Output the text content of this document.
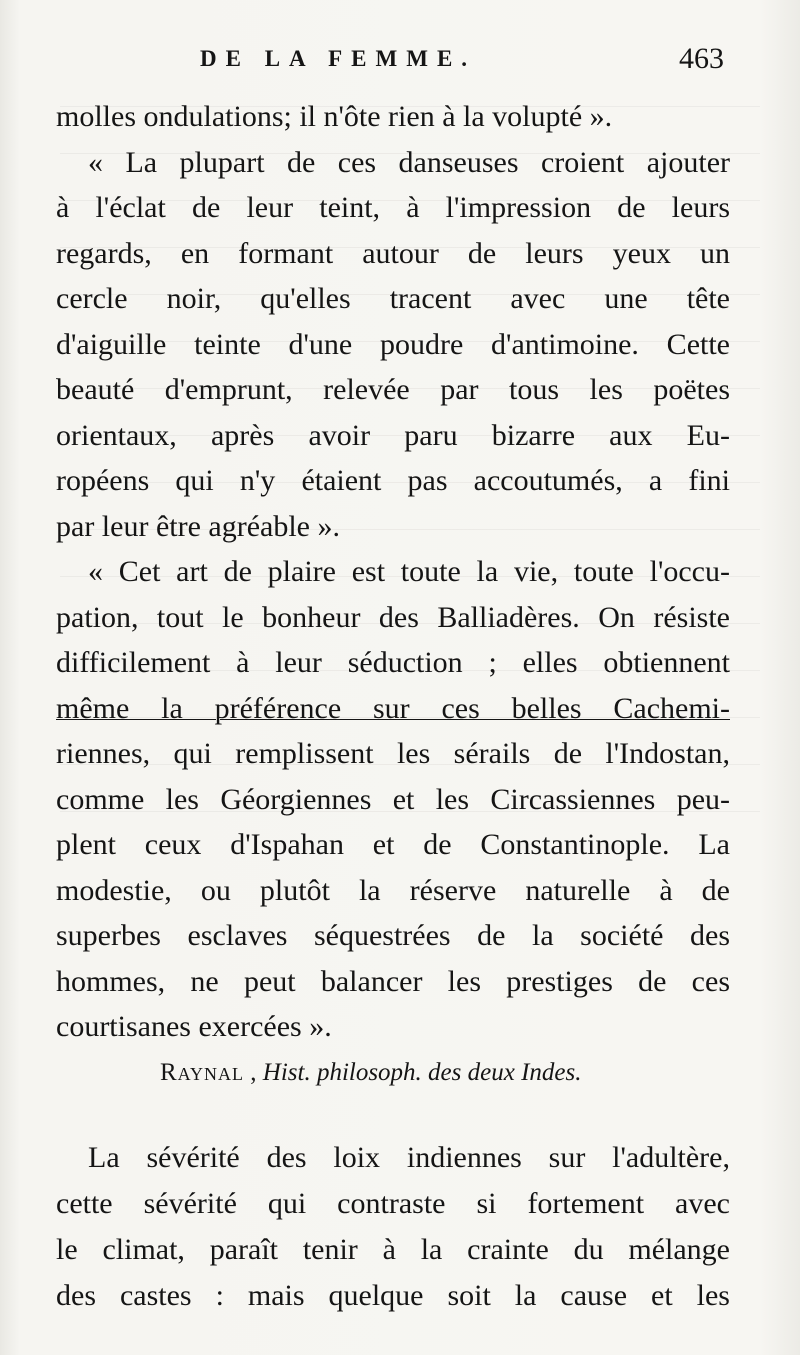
DE LA FEMME.	463
molles ondulations; il n'ôte rien à la volupté ».
« La plupart de ces danseuses croient ajouter
à l'éclat de leur teint, à l'impression de leurs
regards, en formant autour de leurs yeux un
cercle noir, qu'elles tracent avec une tête
d'aiguille teinte d'une poudre d'antimoine. Cette
beauté d'emprunt, relevée par tous les poëtes
orientaux, après avoir paru bizarre aux Eu-
ropéens qui n'y étaient pas accoutumés, a fini
par leur être agréable ».
« Cet art de plaire est toute la vie, toute l'occu-
pation, tout le bonheur des Balliadères. On résiste
difficilement à leur séduction ; elles obtiennent
même la préférence sur ces belles Cachemi-
riennes, qui remplissent les sérails de l'Indostan,
comme les Géorgiennes et les Circassiennes peu-
plent ceux d'Ispahan et de Constantinople. La
modestie, ou plutôt la réserve naturelle à de
superbes esclaves séquestrées de la société des
hommes, ne peut balancer les prestiges de ces
courtisanes exercées ».
Raynal , Hist. philosoph. des deux Indes.
La sévérité des loix indiennes sur l'adultère,
cette sévérité qui contraste si fortement avec
le climat, paraît tenir à la crainte du mélange
des castes : mais quelque soit la cause et les
